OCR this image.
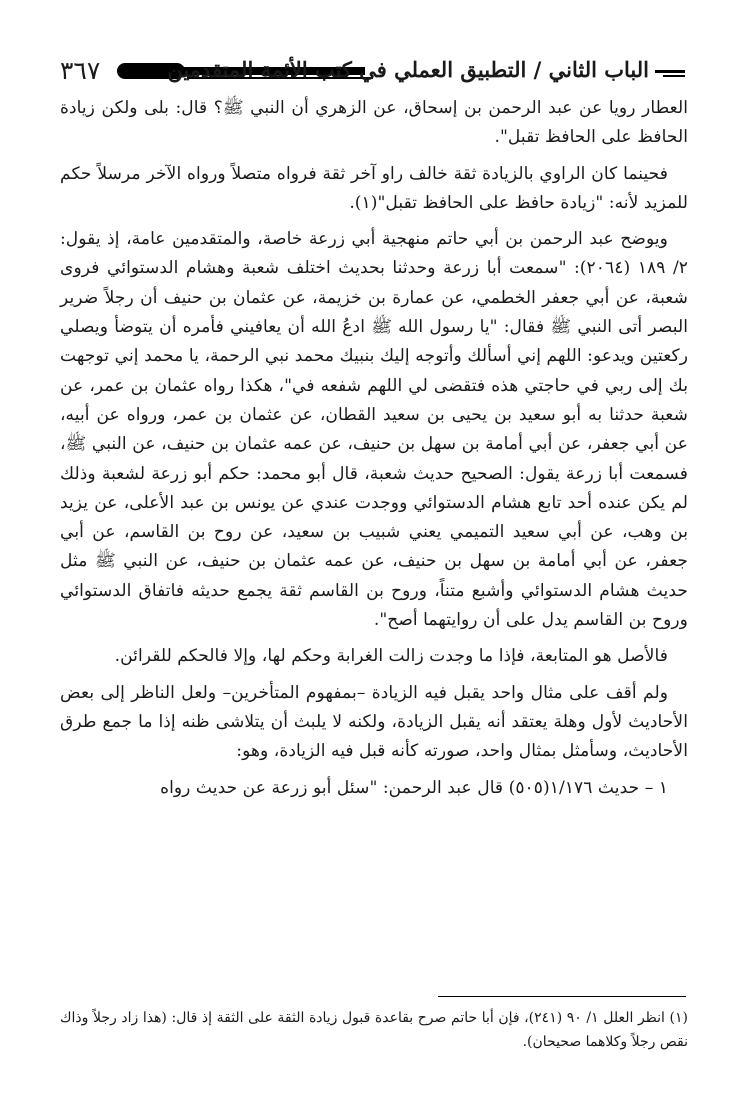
٣٦٧	الباب الثاني / التطبيق العملي في كتب الأئمة المتقدمين

العطار رويا عن عبد الرحمن بن إسحاق، عن الزهري أن النبي ﷺ؟ قال: بلى ولكن زيادة الحافظ على الحافظ تقبل".

فحينما كان الراوي بالزيادة ثقة خالف راو آخر ثقة فرواه متصلاً ورواه الآخر مرسلاً حكم للمزيد لأنه: "زيادة حافظ على الحافظ تقبل"(١).

ويوضح عبد الرحمن بن أبي حاتم منهجية أبي زرعة خاصة، والمتقدمين عامة، إذ يقول: ٢/ ١٨٩ (٢٠٦٤): "سمعت أبا زرعة وحدثنا بحديث اختلف شعبة وهشام الدستوائي فروى شعبة، عن أبي جعفر الخطمي، عن عمارة بن خزيمة، عن عثمان بن حنيف أن رجلاً ضرير البصر أتى النبي ﷺ فقال: "يا رسول الله ﷺ ادعُ الله أن يعافيني فأمره أن يتوضأ ويصلي ركعتين ويدعو: اللهم إني أسألك وأتوجه إليك بنبيك محمد نبي الرحمة، يا محمد إني توجهت بك إلى ربي في حاجتي هذه فتقضى لي اللهم شفعه في"، هكذا رواه عثمان بن عمر، عن شعبة حدثنا به أبو سعيد بن يحيى بن سعيد القطان، عن عثمان بن عمر، ورواه عن أبيه، عن أبي جعفر، عن أبي أمامة بن سهل بن حنيف، عن عمه عثمان بن حنيف، عن النبي ﷺ، فسمعت أبا زرعة يقول: الصحيح حديث شعبة، قال أبو محمد: حكم أبو زرعة لشعبة وذلك لم يكن عنده أحد تابع هشام الدستوائي ووجدت عندي عن يونس بن عبد الأعلى، عن يزيد بن وهب، عن أبي سعيد التميمي يعني شبيب بن سعيد، عن روح بن القاسم، عن أبي جعفر، عن أبي أمامة بن سهل بن حنيف، عن عمه عثمان بن حنيف، عن النبي ﷺ مثل حديث هشام الدستوائي وأشبع متناً، وروح بن القاسم ثقة يجمع حديثه فاتفاق الدستوائي وروح بن القاسم يدل على أن روايتهما أصح".

فالأصل هو المتابعة، فإذا ما وجدت زالت الغرابة وحكم لها، وإلا فالحكم للقرائن.

ولم أقف على مثال واحد يقبل فيه الزيادة –بمفهوم المتأخرين– ولعل الناظر إلى بعض الأحاديث لأول وهلة يعتقد أنه يقبل الزيادة، ولكنه لا يلبث أن يتلاشى ظنه إذا ما جمع طرق الأحاديث، وسأمثل بمثال واحد، صورته كأنه قبل فيه الزيادة، وهو:

١ – حديث ١/١٧٦(٥٠٥) قال عبد الرحمن: "سئل أبو زرعة عن حديث رواه

(١) انظر العلل ١/ ٩٠ (٢٤١)، فإن أبا حاتم صرح بقاعدة قبول زيادة الثقة على الثقة إذ قال: (هذا زاد رجلاً وذاك نقص رجلاً وكلاهما صحيحان).
